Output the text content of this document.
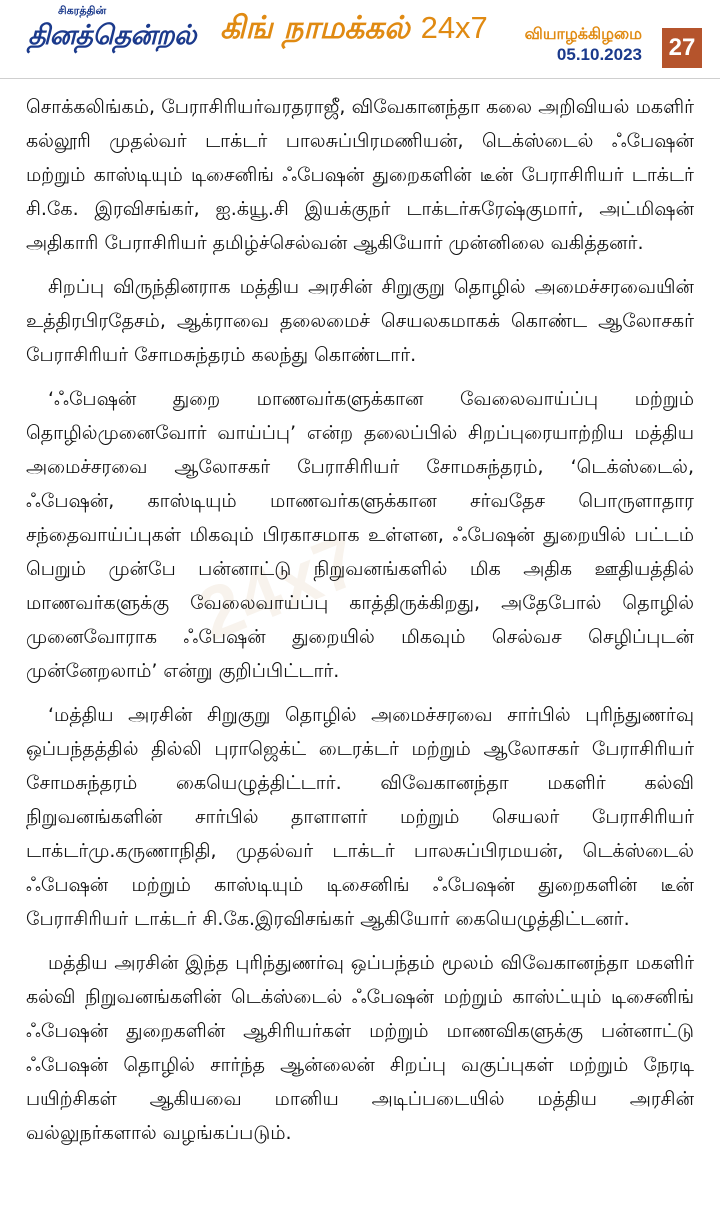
சிகரத்தின்
தினத்தென்றல் கிங் நாமக்கல் 24x7 வியாழக்கிழமை
05.10.2023 27
24x7

சொக்கலிங்கம், பேராசிரியர்வரதராஜீ, விவேகானந்தா கலை அறிவியல் மகளிர் கல்லூரி முதல்வர் டாக்டர் பாலசுப்பிரமணியன், டெக்ஸ்டைல் ஃபேஷன் மற்றும் காஸ்டியும் டிசைனிங் ஃபேஷன் துறைகளின் டீன் பேராசிரியர் டாக்டர் சி.கே. இரவிசங்கர், ஐ.க்யூ.சி இயக்குநர் டாக்டர்சுரேஷ்குமார், அட்மிஷன் அதிகாரி பேராசிரியர் தமிழ்ச்செல்வன் ஆகியோர் முன்னிலை வகித்தனர்.

சிறப்பு விருந்தினராக மத்திய அரசின் சிறுகுறு தொழில் அமைச்சரவையின் உத்திரபிரதேசம், ஆக்ராவை தலைமைச் செயலகமாகக் கொண்ட ஆலோசகர் பேராசிரியர் சோமசுந்தரம் கலந்து கொண்டார்.

‘ஃபேஷன் துறை மாணவர்களுக்கான வேலைவாய்ப்பு மற்றும் தொழில்முனைவோர் வாய்ப்பு’ என்ற தலைப்பில் சிறப்புரையாற்றிய மத்திய அமைச்சரவை ஆலோசகர் பேராசிரியர் சோமசுந்தரம், ‘டெக்ஸ்டைல், ஃபேஷன், காஸ்டியும் மாணவர்களுக்கான சர்வதேச பொருளாதார சந்தைவாய்ப்புகள் மிகவும் பிரகாசமாக உள்ளன, ஃபேஷன் துறையில் பட்டம் பெறும் முன்பே பன்னாட்டு நிறுவனங்களில் மிக அதிக ஊதியத்தில் மாணவர்களுக்கு வேலைவாய்ப்பு காத்திருக்கிறது, அதேபோல் தொழில் முனைவோராக ஃபேஷன் துறையில் மிகவும் செல்வச செழிப்புடன் முன்னேறலாம்’ என்று குறிப்பிட்டார்.

‘மத்திய அரசின் சிறுகுறு தொழில் அமைச்சரவை சார்பில் புரிந்துணர்வு ஒப்பந்தத்தில் தில்லி புராஜெக்ட் டைரக்டர் மற்றும் ஆலோசகர் பேராசிரியர் சோமசுந்தரம் கையெழுத்திட்டார். விவேகானந்தா மகளிர் கல்வி நிறுவனங்களின் சார்பில் தாளாளர் மற்றும் செயலர் பேராசிரியர் டாக்டர்மு.கருணாநிதி, முதல்வர் டாக்டர் பாலசுப்பிரமயன், டெக்ஸ்டைல் ஃபேஷன் மற்றும் காஸ்டியும் டிசைனிங் ஃபேஷன் துறைகளின் டீன் பேராசிரியர் டாக்டர் சி.கே.இரவிசங்கர் ஆகியோர் கையெழுத்திட்டனர்.

மத்திய அரசின் இந்த புரிந்துணர்வு ஒப்பந்தம் மூலம் விவேகானந்தா மகளிர் கல்வி நிறுவனங்களின் டெக்ஸ்டைல் ஃபேஷன் மற்றும் காஸ்ட்யும் டிசைனிங் ஃபேஷன் துறைகளின் ஆசிரியர்கள் மற்றும் மாணவிகளுக்கு பன்னாட்டு ஃபேஷன் தொழில் சார்ந்த ஆன்லைன் சிறப்பு வகுப்புகள் மற்றும் நேரடி பயிற்சிகள் ஆகியவை மானிய அடிப்படையில் மத்திய அரசின் வல்லுநர்களால் வழங்கப்படும்.
